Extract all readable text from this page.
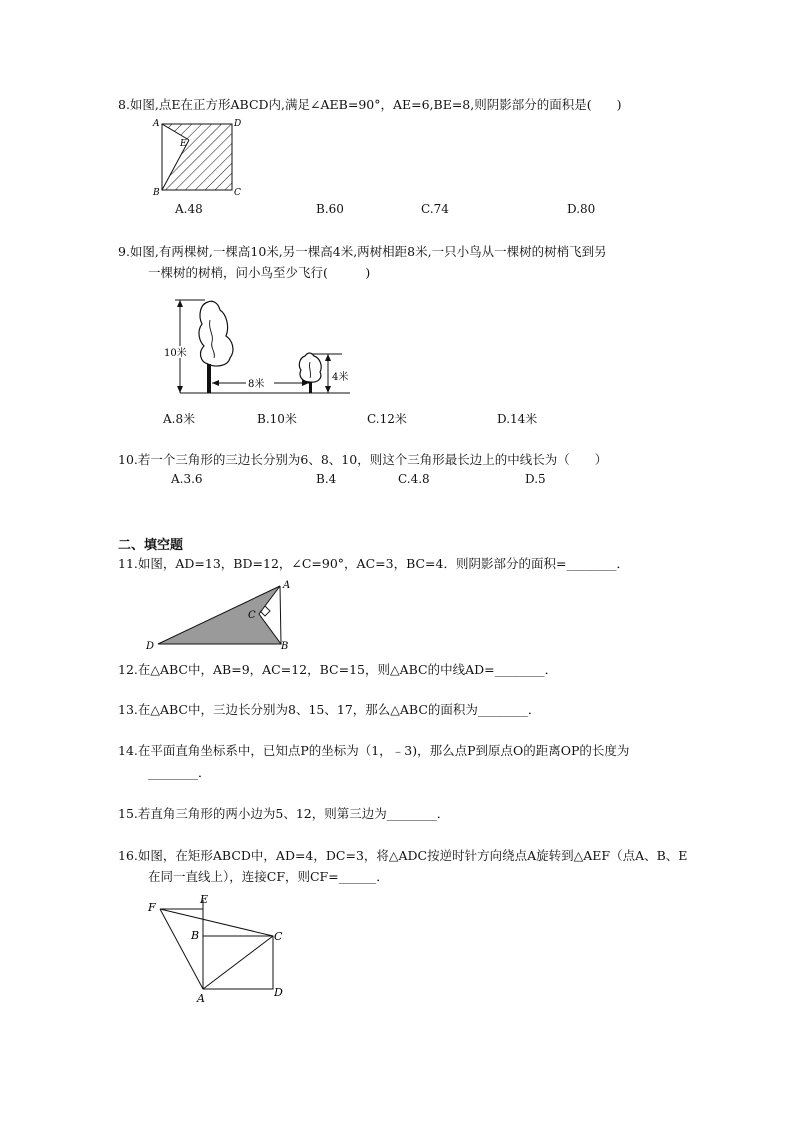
8.如图,点E在正方形ABCD内,满足∠AEB=90°，AE=6,BE=8,则阴影部分的面积是(　　)
A	D
B	C
E
A.48	B.60	C.74	D.80
9.如图,有两棵树,一棵高10米,另一棵高4米,两树相距8米,一只小鸟从一棵树的树梢飞到另
一棵树的树梢，问小鸟至少飞行(　　　)
10米
8米
4米
A.8米	B.10米	C.12米	D.14米
10.若一个三角形的三边长分别为6、8、10，则这个三角形最长边上的中线长为（　　）
A.3.6	B.4	C.4.8	D.5
二、填空题
11.如图，AD=13，BD=12，∠C=90°，AC=3，BC=4．则阴影部分的面积=________．
A
C
D	B
12.在△ABC中，AB=9，AC=12，BC=15，则△ABC的中线AD=________．
13.在△ABC中，三边长分别为8、15、17，那么△ABC的面积为________．
14.在平面直角坐标系中，已知点P的坐标为（1，﹣3)，那么点P到原点O的距离OP的长度为
________．
15.若直角三角形的两小边为5、12，则第三边为________．
16.如图，在矩形ABCD中，AD=4，DC=3，将△ADC按逆时针方向绕点A旋转到△AEF（点A、B、E
在同一直线上），连接CF，则CF=______．
F
E
B	C
A	D
